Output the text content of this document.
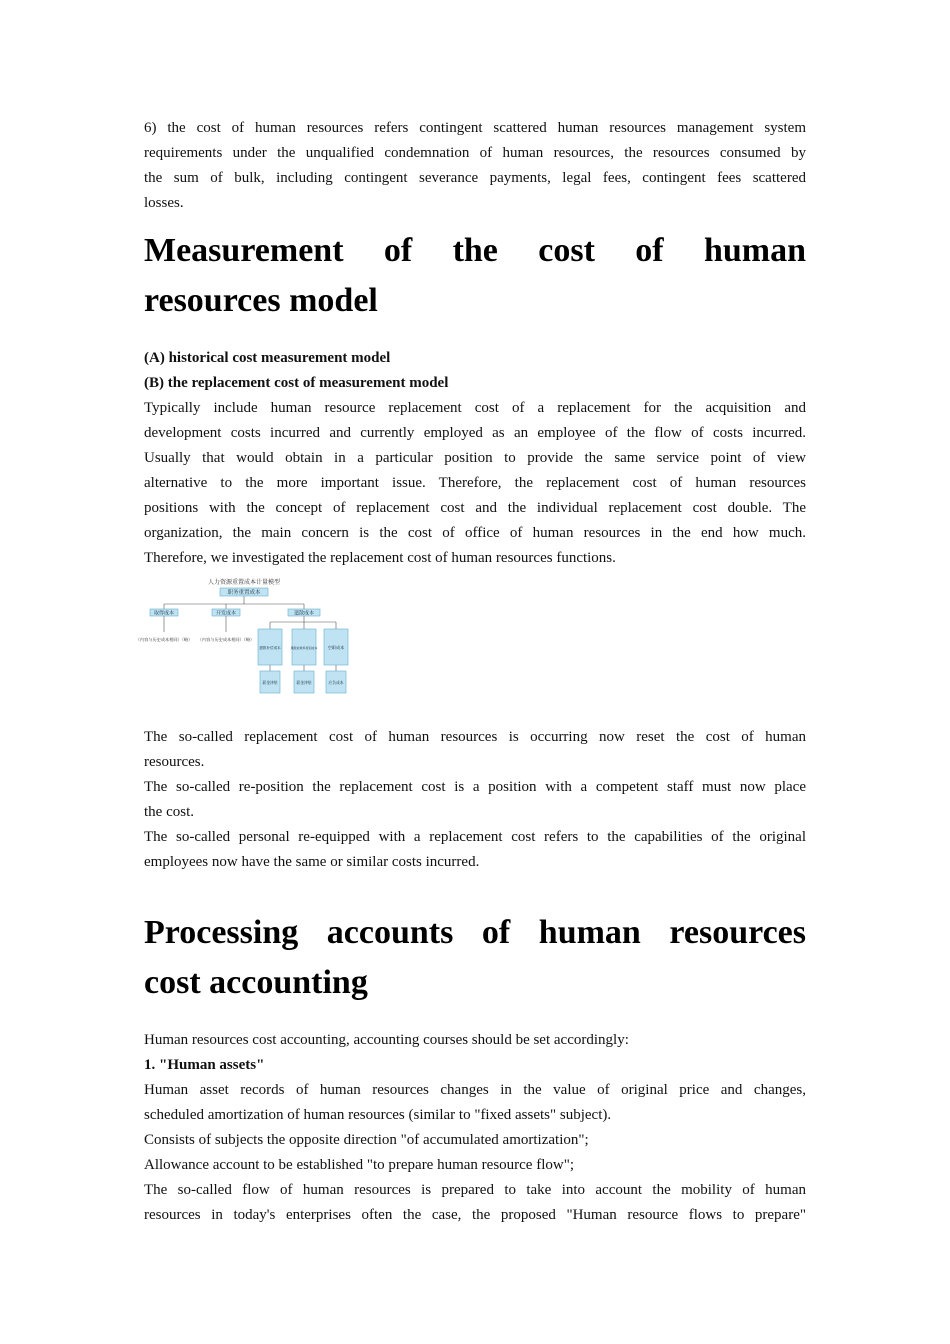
6) the cost of human resources refers contingent scattered human resources management system

requirements under the unqualified condemnation of human resources, the resources consumed by

the sum of bulk, including contingent severance payments, legal fees, contingent fees scattered

losses.

Measurement of the cost of human
resources model

(A) historical cost measurement model

(B) the replacement cost of measurement model

Typically include human resource replacement cost of a replacement for the acquisition and

development costs incurred and currently employed as an employee of the flow of costs incurred.

Usually that would obtain in a particular position to provide the same service point of view

alternative to the more important issue. Therefore, the replacement cost of human resources

positions with the concept of replacement cost and the individual replacement cost double. The

organization, the main concern is the cost of office of human resources in the end how much.

Therefore, we investigated the replacement cost of human resources functions.

人力资源重置成本计量模型
职务重置成本
取得成本	开发成本	遣散成本
（内容与历史成本相同）（略） （内容与历史成本相同）（略）
遣散补偿成本	遣散前效率差别成本 空职成本
薪金津贴	薪金津贴	应负成本

The so-called replacement cost of human resources is occurring now reset the cost of human

resources.

The so-called re-position the replacement cost is a position with a competent staff must now place

the cost.

The so-called personal re-equipped with a replacement cost refers to the capabilities of the original

employees now have the same or similar costs incurred.

Processing accounts of human resources
cost accounting

Human resources cost accounting, accounting courses should be set accordingly:

1. "Human assets"

Human asset records of human resources changes in the value of original price and changes,

scheduled amortization of human resources (similar to "fixed assets" subject).

Consists of subjects the opposite direction "of accumulated amortization";

Allowance account to be established "to prepare human resource flow";

The so-called flow of human resources is prepared to take into account the mobility of human

resources in today's enterprises often the case, the proposed "Human resource flows to prepare"
